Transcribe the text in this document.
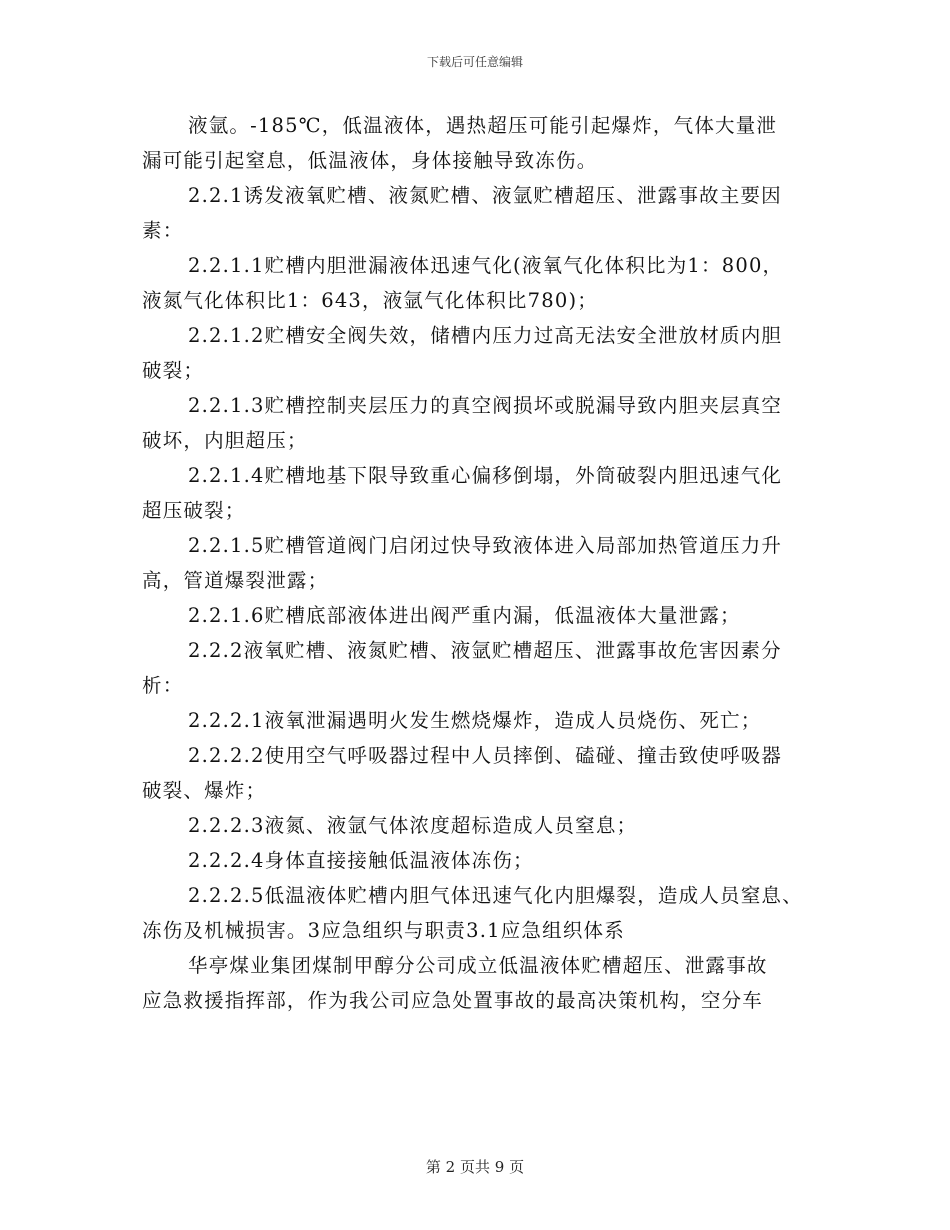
下载后可任意编辑

液氩。-185℃，低温液体，遇热超压可能引起爆炸，气体大量泄
漏可能引起窒息，低温液体，身体接触导致冻伤。

2.2.1诱发液氧贮槽、液氮贮槽、液氩贮槽超压、泄露事故主要因
素：

2.2.1.1贮槽内胆泄漏液体迅速气化(液氧气化体积比为1：800，
液氮气化体积比1：643，液氩气化体积比780)；

2.2.1.2贮槽安全阀失效，储槽内压力过高无法安全泄放材质内胆
破裂；

2.2.1.3贮槽控制夹层压力的真空阀损坏或脱漏导致内胆夹层真空
破坏，内胆超压；

2.2.1.4贮槽地基下限导致重心偏移倒塌，外筒破裂内胆迅速气化
超压破裂；

2.2.1.5贮槽管道阀门启闭过快导致液体进入局部加热管道压力升
高，管道爆裂泄露；

2.2.1.6贮槽底部液体进出阀严重内漏，低温液体大量泄露；

2.2.2液氧贮槽、液氮贮槽、液氩贮槽超压、泄露事故危害因素分
析：

2.2.2.1液氧泄漏遇明火发生燃烧爆炸，造成人员烧伤、死亡；

2.2.2.2使用空气呼吸器过程中人员摔倒、磕碰、撞击致使呼吸器
破裂、爆炸；

2.2.2.3液氮、液氩气体浓度超标造成人员窒息；

2.2.2.4身体直接接触低温液体冻伤；

2.2.2.5低温液体贮槽内胆气体迅速气化内胆爆裂，造成人员窒息、
冻伤及机械损害。3应急组织与职责3.1应急组织体系

华亭煤业集团煤制甲醇分公司成立低温液体贮槽超压、泄露事故
应急救援指挥部，作为我公司应急处置事故的最高决策机构，空分车

第 2 页共 9 页
